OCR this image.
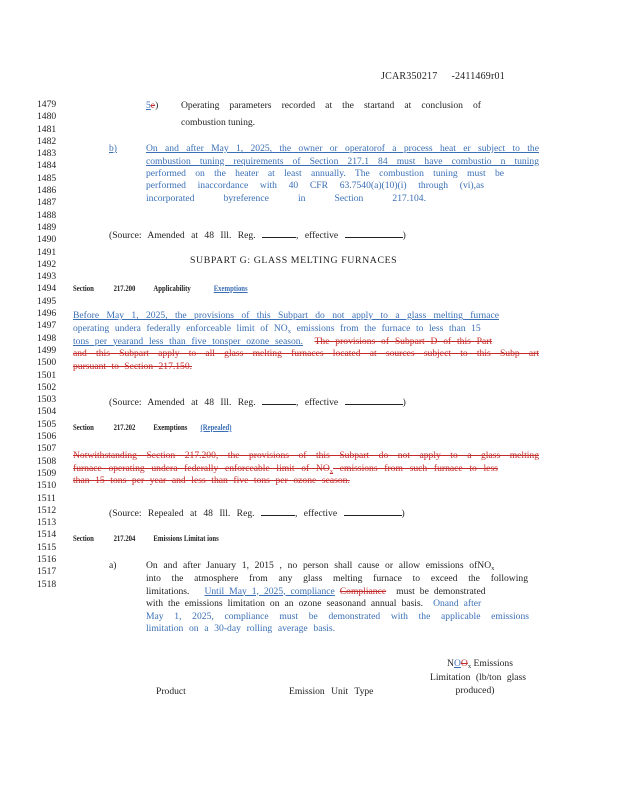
JCAR350217 -2411469r01
1479
1480
1481
1482
1483
1484
1485
1486
1487
1488
1489
1490
1491
1492
1493
1494
1495
1496
1497
1498
1499
1500
1501
1502
1503
1504
1505
1506
1507
1508
1509
1510
1511
1512
1513
1514
1515
1516
1517
1518
5e) Operating parameters recorded at the startand at conclusion of
combustion tuning.
b)	On and after May 1, 2025, the owner or operatorof a process heat er subject to the
combustion tuning requirements of Section 217.1 84 must have combustio n tuning
performed on the heater at least annually. The combustion tuning must be
performed inaccordance with 40 CFR 63.7540(a)(10)(i) through (vi),as
incorporated byreference in Section 217.104.
(Source: Amended at 48 Ill. Reg.	, effective	)
SUBPART G: GLASS MELTING FURNACES
Section 217.200 Applicability	Exemptions
Before May 1, 2025, the provisions of this Subpart do not apply to a glass melting furnace
operating undera federally enforceable limit of $NO_x$ emissions from the furnace to less than 15
tons per yearand less than five tonsper ozone season. The provisions of Subpart D of this Part
and this Subpart apply to all glass melting furnaces located at sources subject to this Subp art
pursuant to Section 217.150.
(Source: Amended at 48 Ill. Reg.	, effective	)
Section 217.202 Exemptions (Repealed)
Notwithstanding Section 217.200, the provisions of this Subpart do not apply to a glass melting
furnace operating undera federally enforceable limit of $NO_x$ emissions from such furnace to less
than 15 tons per year and less than five tons per ozone season.
(Source: Repealed at 48 Ill. Reg.	, effective	)
Section 217.204 Emissions Limitat ions
a)	On and after January 1, 2015 , no person shall cause or allow emissions ofNO$_x$
into the atmosphere from any glass melting furnace to exceed the following
limitations. Until May 1, 2025, compliance Compliance must be demonstrated
with the emissions limitation on an ozone seasonand annual basis. Onand after
May 1, 2025, compliance must be demonstrated with the applicable emissions
limitation on a 30-day rolling average basis.
$NOO_x$ Emissions
Limitation (lb/ton glass
produced)
Product	Emission Unit Type
